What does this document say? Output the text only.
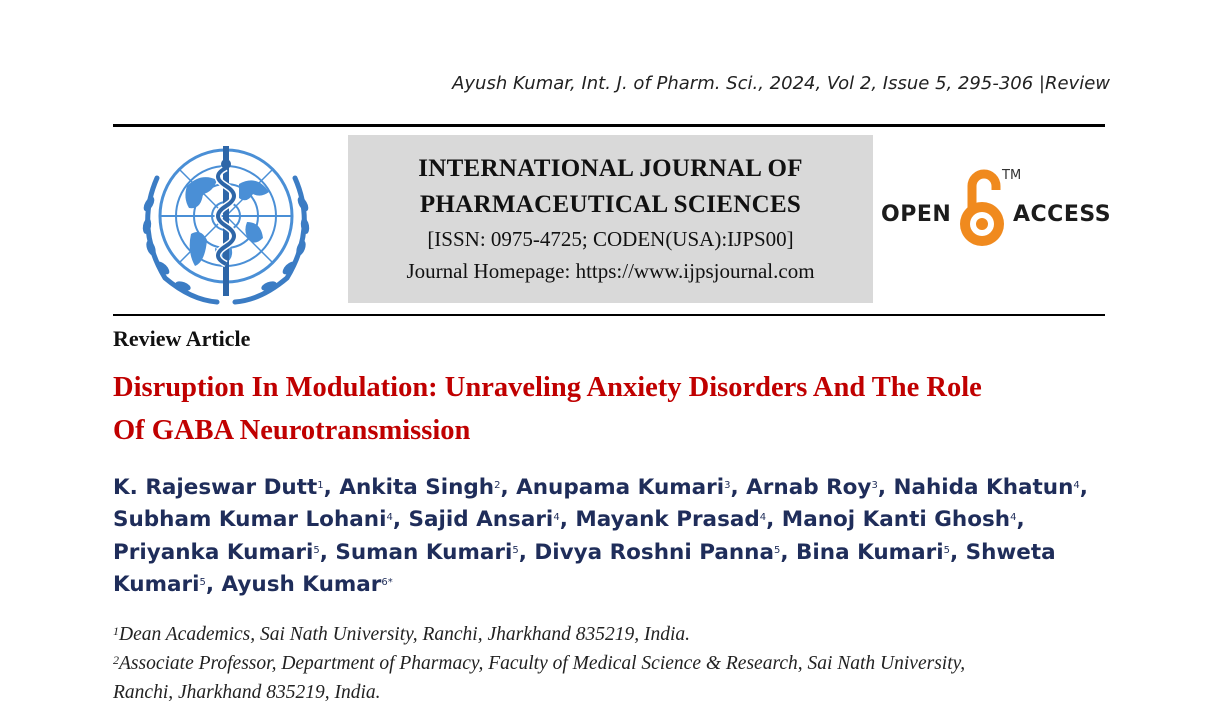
Ayush Kumar, Int. J. of Pharm. Sci., 2024, Vol 2, Issue 5, 295-306 |Review
INTERNATIONAL JOURNAL OF
PHARMACEUTICAL SCIENCES
[ISSN: 0975-4725; CODEN(USA):IJPS00]
Journal Homepage: https://www.ijpsjournal.com
OPEN
TM
ACCESS
Review Article
Disruption In Modulation: Unraveling Anxiety Disorders And The Role
Of GABA Neurotransmission
K. Rajeswar Dutt$^1$, Ankita Singh$^2$, Anupama Kumari$^3$, Arnab Roy$^3$, Nahida Khatun$^4$, Subham Kumar Lohani$^4$, Sajid Ansari$^4$, Mayank Prasad$^4$, Manoj Kanti Ghosh$^4$, Priyanka Kumari$^5$, Suman Kumari$^5$, Divya Roshni Panna$^5$, Bina Kumari$^5$, Shweta Kumari$^5$, Ayush Kumar$^{6*}$
$^1$Dean Academics, Sai Nath University, Ranchi, Jharkhand 835219, India.
$^2$Associate Professor, Department of Pharmacy, Faculty of Medical Science & Research, Sai Nath University,
Ranchi, Jharkhand 835219, India.
